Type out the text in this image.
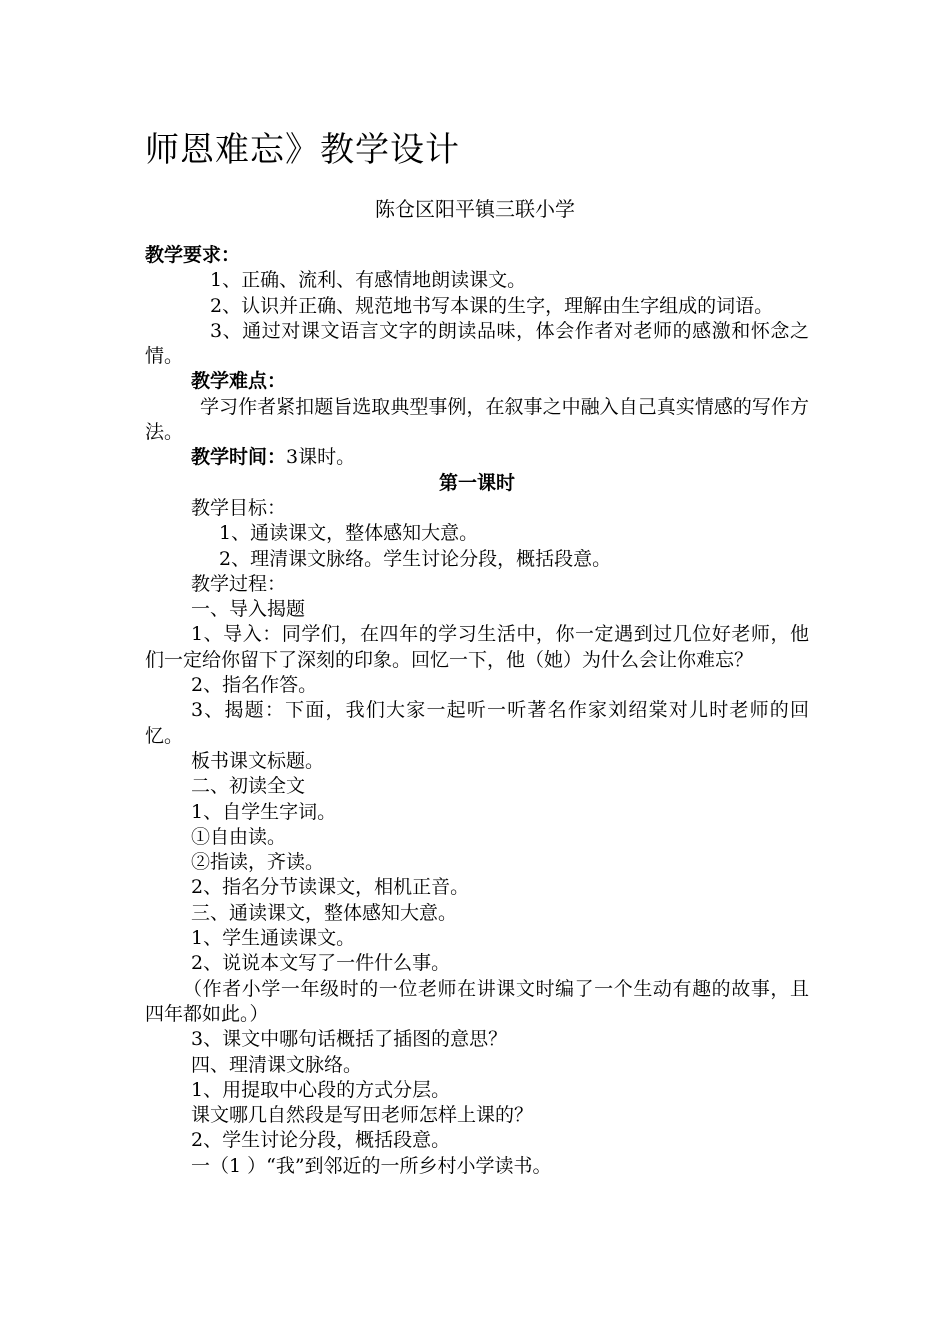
师恩难忘》教学设计
陈仓区阳平镇三联小学

教学要求：

1、正确、流利、有感情地朗读课文。

2、认识并正确、规范地书写本课的生字，理解由生字组成的词语。

3、通过对课文语言文字的朗读品味，体会作者对老师的感激和怀念之情。

教学难点：

学习作者紧扣题旨选取典型事例，在叙事之中融入自己真实情感的写作方法。

教学时间：3课时。

第一课时

教学目标：

1、通读课文，整体感知大意。

2、理清课文脉络。学生讨论分段，概括段意。

教学过程：

一、导入揭题

1、导入：同学们，在四年的学习生活中，你一定遇到过几位好老师，他们一定给你留下了深刻的印象。回忆一下，他（她）为什么会让你难忘？

2、指名作答。

3、揭题：下面，我们大家一起听一听著名作家刘绍棠对儿时老师的回忆。

板书课文标题。

二、初读全文

1、自学生字词。

①自由读。

②指读，齐读。

2、指名分节读课文，相机正音。

三、通读课文，整体感知大意。

1、学生通读课文。

2、说说本文写了一件什么事。

（作者小学一年级时的一位老师在讲课文时编了一个生动有趣的故事，且四年都如此。）

3、课文中哪句话概括了插图的意思？

四、理清课文脉络。

1、用提取中心段的方式分层。

课文哪几自然段是写田老师怎样上课的？

2、学生讨论分段，概括段意。

一（1 ）“我”到邻近的一所乡村小学读书。
